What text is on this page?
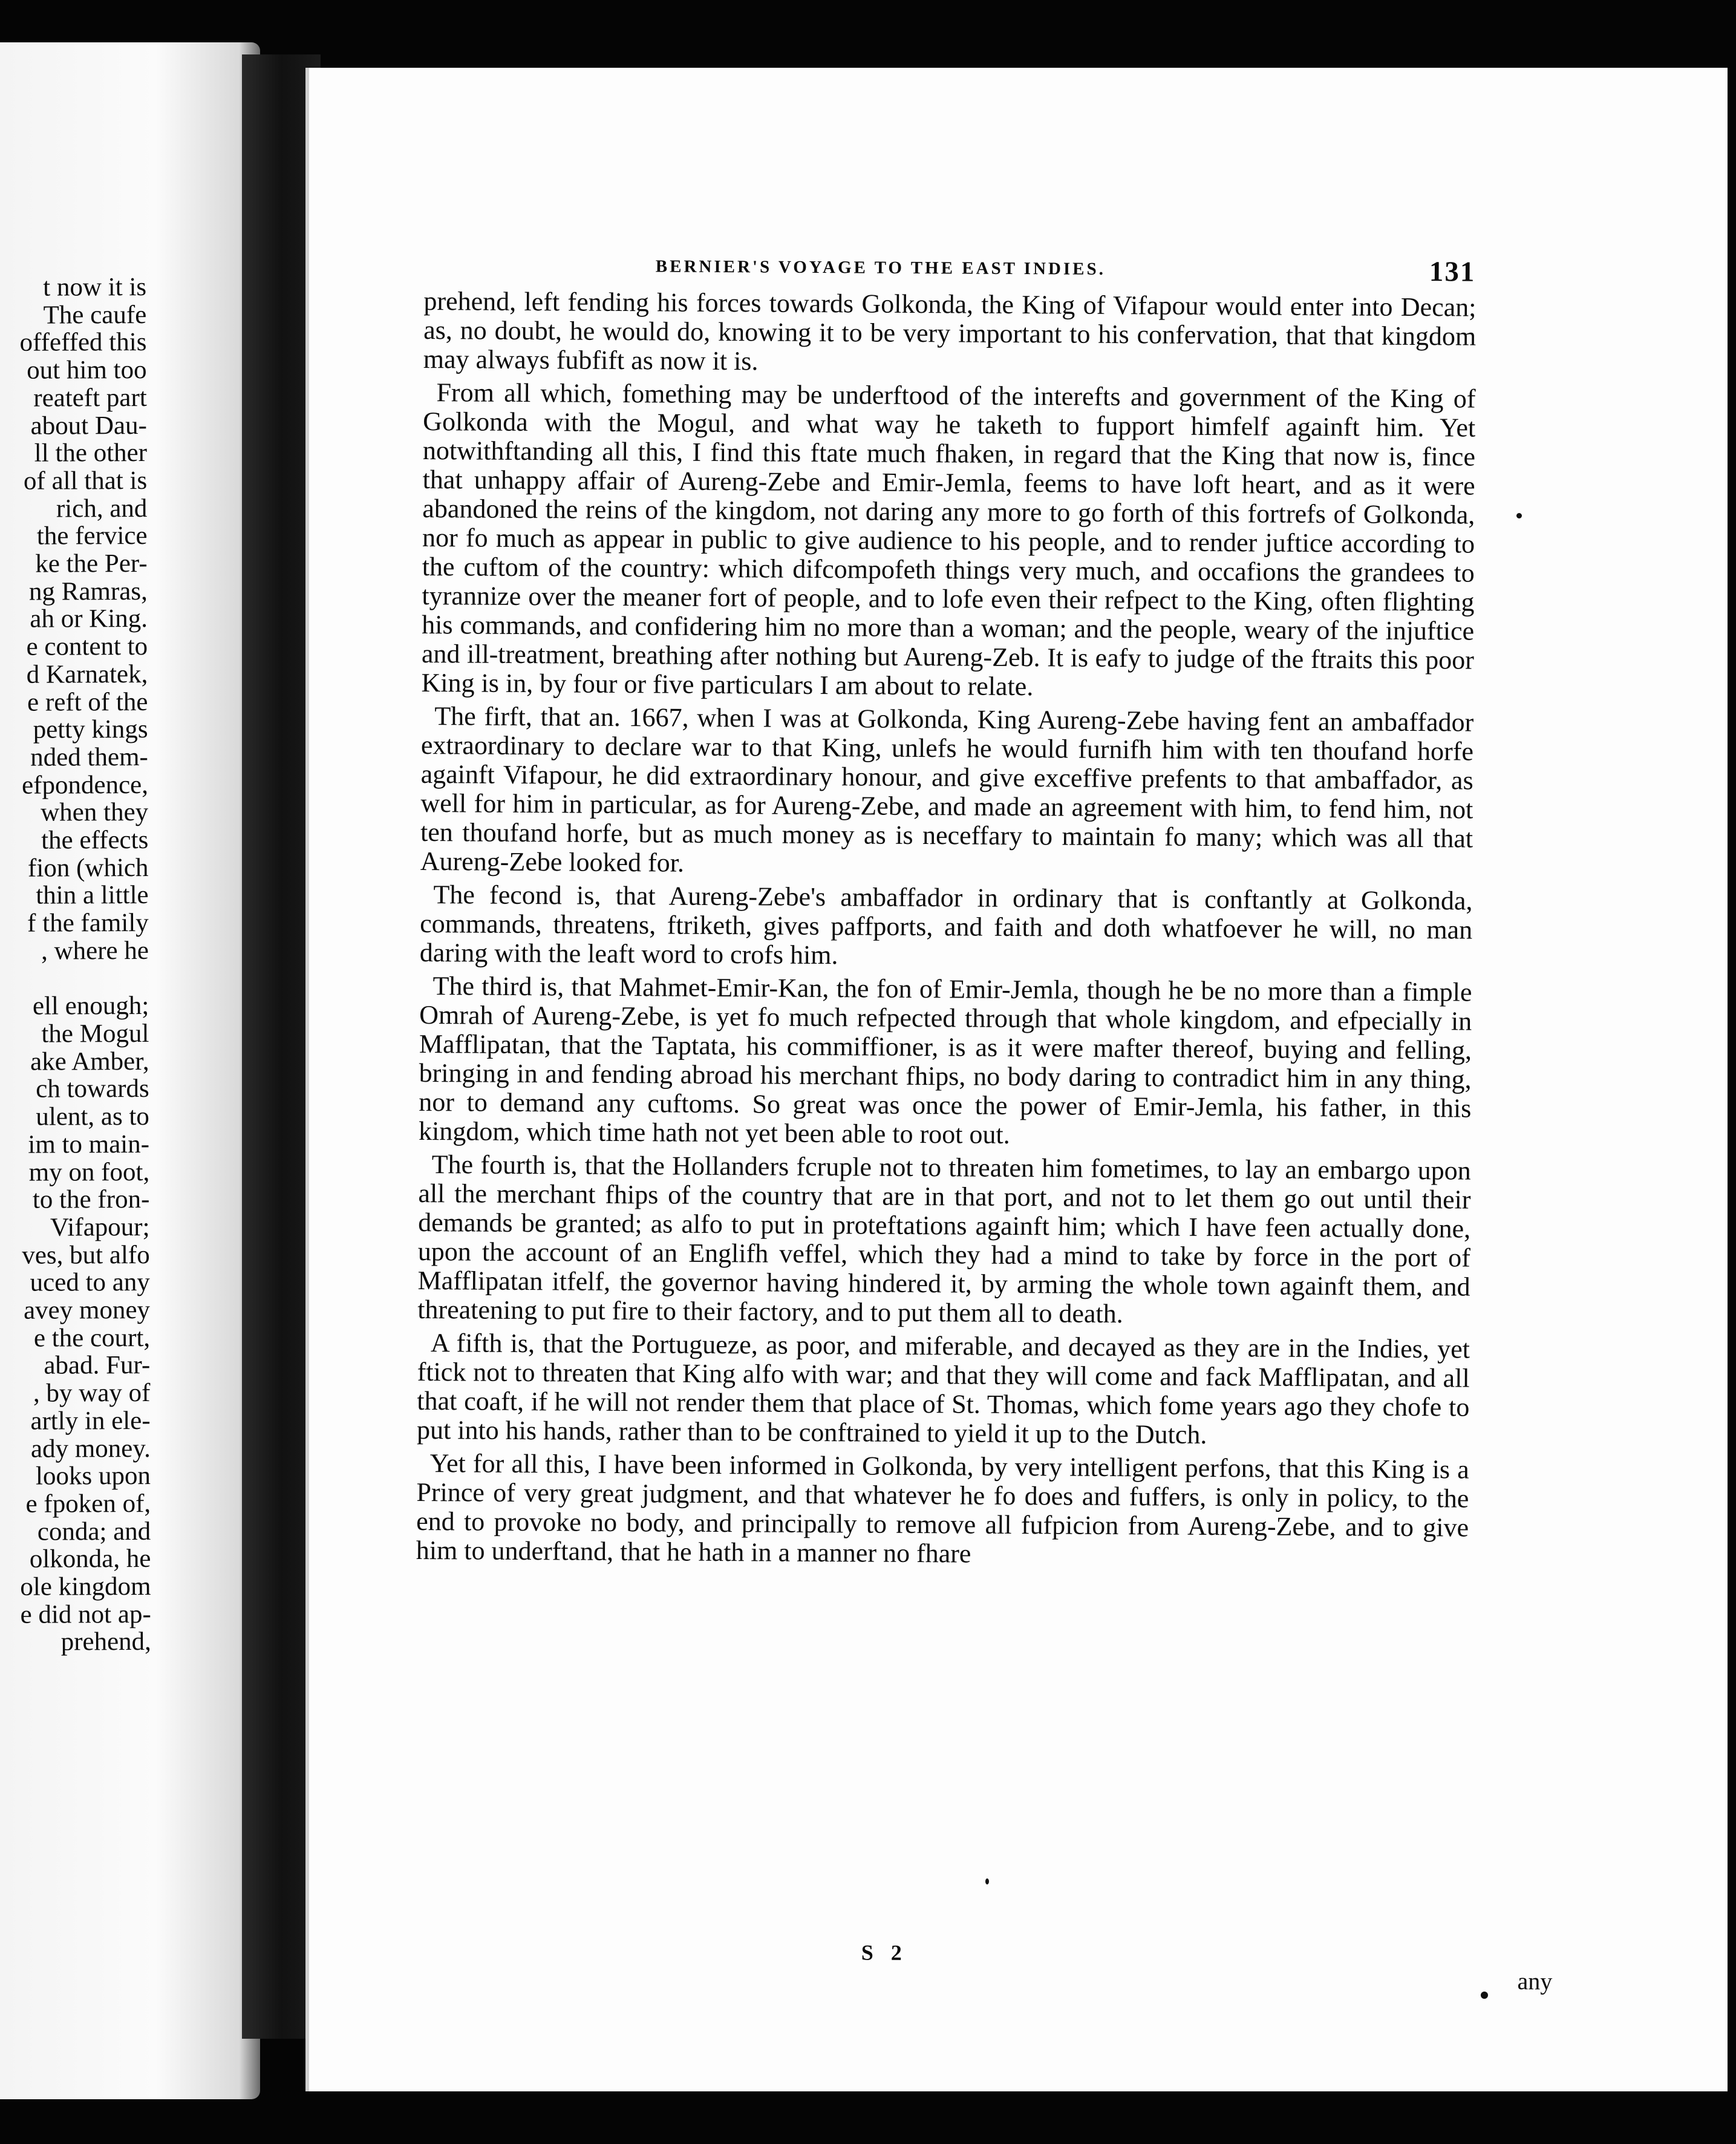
t now it is
The caufe
offeffed this
out him too
reateft part
about Dau-
ll the other
of all that is
rich, and
the fervice
ke the Per-
ng Ramras,
ah or King.
e content to
d Karnatek,
e reft of the
petty kings
nded them-
efpondence,
when they
the effects
fion (which
thin a little
f the family
, where he

ell enough;
the Mogul
ake Amber,
ch towards
ulent, as to
im to main-
my on foot,
to the fron-
Vifapour;
ves, but alfo
uced to any
avey money
e the court,
abad. Fur-
, by way of
artly in ele-
ady money.
looks upon
e fpoken of,
conda; and
olkonda, he
ole kingdom
e did not ap-
prehend,
BERNIER'S VOYAGE TO THE EAST INDIES.	131

prehend, left fending his forces towards Golkonda, the King of Vifapour would enter into Decan; as, no doubt, he would do, knowing it to be very important to his confervation, that that kingdom may always fubfift as now it is.

From all which, fomething may be underftood of the interefts and government of the King of Golkonda with the Mogul, and what way he taketh to fupport himfelf againft him. Yet notwithftanding all this, I find this ftate much fhaken, in regard that the King that now is, fince that unhappy affair of Aureng-Zebe and Emir-Jemla, feems to have loft heart, and as it were abandoned the reins of the kingdom, not daring any more to go forth of this fortrefs of Golkonda, nor fo much as appear in public to give audience to his people, and to render juftice according to the cuftom of the country: which difcompofeth things very much, and occafions the grandees to tyrannize over the meaner fort of people, and to lofe even their refpect to the King, often flighting his commands, and confidering him no more than a woman; and the people, weary of the injuftice and ill-treatment, breathing after nothing but Aureng-Zeb. It is eafy to judge of the ftraits this poor King is in, by four or five particulars I am about to relate.

The firft, that an. 1667, when I was at Golkonda, King Aureng-Zebe having fent an ambaffador extraordinary to declare war to that King, unlefs he would furnifh him with ten thoufand horfe againft Vifapour, he did extraordinary honour, and give exceffive prefents to that ambaffador, as well for him in particular, as for Aureng-Zebe, and made an agreement with him, to fend him, not ten thoufand horfe, but as much money as is neceffary to maintain fo many; which was all that Aureng-Zebe looked for.

The fecond is, that Aureng-Zebe's ambaffador in ordinary that is conftantly at Golkonda, commands, threatens, ftriketh, gives paffports, and faith and doth whatfoever he will, no man daring with the leaft word to crofs him.

The third is, that Mahmet-Emir-Kan, the fon of Emir-Jemla, though he be no more than a fimple Omrah of Aureng-Zebe, is yet fo much refpected through that whole kingdom, and efpecially in Mafflipatan, that the Taptata, his commiffioner, is as it were mafter thereof, buying and felling, bringing in and fending abroad his merchant fhips, no body daring to contradict him in any thing, nor to demand any cuftoms. So great was once the power of Emir-Jemla, his father, in this kingdom, which time hath not yet been able to root out.

The fourth is, that the Hollanders fcruple not to threaten him fometimes, to lay an embargo upon all the merchant fhips of the country that are in that port, and not to let them go out until their demands be granted; as alfo to put in proteftations againft him; which I have feen actually done, upon the account of an Englifh veffel, which they had a mind to take by force in the port of Mafflipatan itfelf, the governor having hindered it, by arming the whole town againft them, and threatening to put fire to their factory, and to put them all to death.

A fifth is, that the Portugueze, as poor, and miferable, and decayed as they are in the Indies, yet ftick not to threaten that King alfo with war; and that they will come and fack Mafflipatan, and all that coaft, if he will not render them that place of St. Thomas, which fome years ago they chofe to put into his hands, rather than to be conftrained to yield it up to the Dutch.

Yet for all this, I have been informed in Golkonda, by very intelligent perfons, that this King is a Prince of very great judgment, and that whatever he fo does and fuffers, is only in policy, to the end to provoke no body, and principally to remove all fufpicion from Aureng-Zebe, and to give him to underftand, that he hath in a manner no fhare

S 2
any
